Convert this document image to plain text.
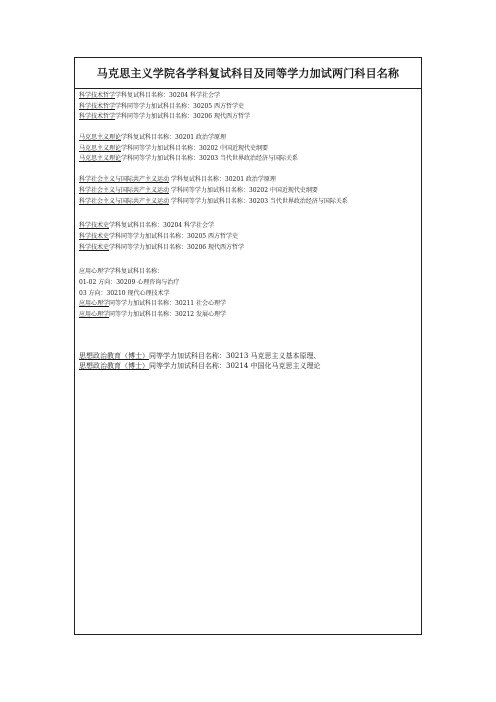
马克思主义学院各学科复试科目及同等学力加试两门科目名称
科学技术哲学学科复试科目名称：30204 科学社会学
科学技术哲学学科同等学力加试科目名称：30205 西方哲学史
科学技术哲学学科同等学力加试科目名称：30206 现代西方哲学
马克思主义理论学科复试科目名称：30201 政治学原理
马克思主义理论学科同等学力加试科目名称：30202 中国近现代史纲要
马克思主义理论学科同等学力加试科目名称：30203 当代世界政治经济与国际关系
科学社会主义与国际共产主义运动 学科复试科目名称：30201 政治学原理
科学社会主义与国际共产主义运动 学科同等学力加试科目名称：30202 中国近现代史纲要
科学社会主义与国际共产主义运动 学科同等学力加试科目名称：30203 当代世界政治经济与国际关系
科学技术史学科复试科目名称：30204 科学社会学
科学技术史学科同等学力加试科目名称：30205 西方哲学史
科学技术史学科同等学力加试科目名称：30206 现代西方哲学
应用心理学学科复试科目名称：
01-02 方向：30209 心理咨询与治疗
03 方向：30210 现代心理技术学
应用心理学同等学力加试科目名称：30211 社会心理学
应用心理学同等学力加试科目名称：30212 发展心理学
思想政治教育（博士）同等学力加试科目名称：30213 马克思主义基本原理、
思想政治教育（博士）同等学力加试科目名称：30214 中国化马克思主义理论
